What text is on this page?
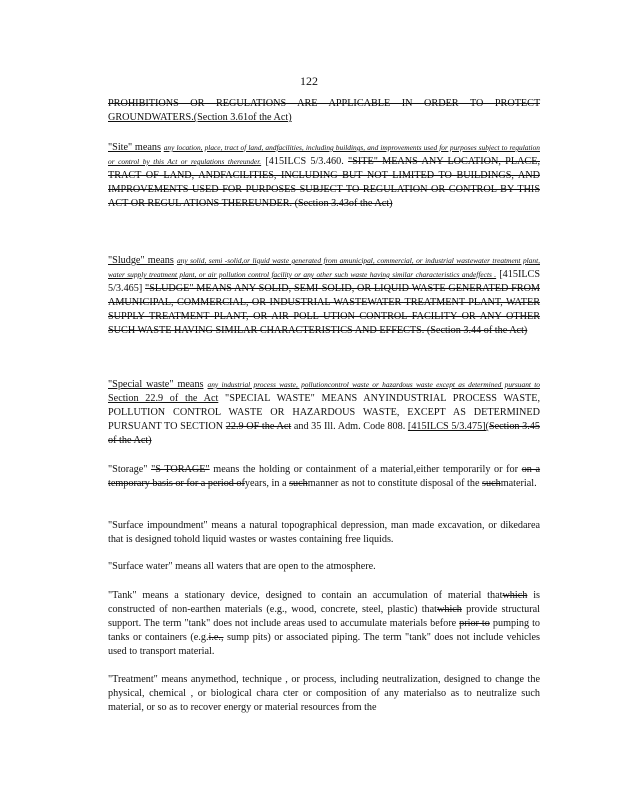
122

PROHIBITIONS OR REGULATIONS ARE APPLICABLE IN ORDER TO PROTECT GROUNDWATERS.(Section 3.61of the Act)

"Site" means any location, place, tract of land, andfacilities, including buildings, and improvements used for purposes subject to regulation or control by this Act or regulations thereunder. [415ILCS 5/3.460. "SITE" MEANS ANY LOCATION, PLACE, TRACT OF LAND, ANDFACILITIES, INCLUDING BUT NOT LIMITED TO BUILDINGS, AND IMPROVEMENTS USED FOR PURPOSES SUBJECT TO REGULATION OR CONTROL BY THIS ACT OR REGUL ATIONS THEREUNDER. (Section 3.43of the Act)

"Sludge" means any solid, semi -solid,or liquid waste generated from amunicipal, commercial, or industrial wastewater treatment plant, water supply treatment plant, or air pollution control facility or any other such waste having similar characteristics andeffects . [415ILCS 5/3.465] "SLUDGE" MEANS ANY SOLID, SEMI-SOLID, OR LIQUID WASTE GENERATED FROM AMUNICIPAL, COMMERCIAL, OR INDUSTRIAL WASTEWATER TREATMENT PLANT, WATER SUPPLY TREATMENT PLANT, OR AIR POLL UTION CONTROL FACILITY OR ANY OTHER SUCH WASTE HAVING SIMILAR CHARACTERISTICS AND EFFECTS. (Section 3.44 of the Act)

"Special waste" means any industrial process waste, pollutioncontrol waste or hazardous waste except as determined pursuant to Section 22.9 of the Act "SPECIAL WASTE" MEANS ANYINDUSTRIAL PROCESS WASTE, POLLUTION CONTROL WASTE OR HAZARDOUS WASTE, EXCEPT AS DETERMINED PURSUANT TO SECTION 22.9 OF the Act and 35 Ill. Adm. Code 808. [415ILCS 5/3.475](Section 3.45 of the Act)

"Storage" "S TORAGE" means the holding or containment of a material,either temporarily or for on a temporary basis or for a period ofyears, in a suchmanner as not to constitute disposal of the suchmaterial.

"Surface impoundment" means a natural topographical depression, man made excavation, or dikedarea that is designed tohold liquid wastes or wastes containing free liquids.

"Surface water" means all waters that are open to the atmosphere.

"Tank" means a stationary device, designed to contain an accumulation of material thatwhich is constructed of non-earthen materials (e.g., wood, concrete, steel, plastic) thatwhich provide structural support. The term "tank" does not include areas used to accumulate materials before prior to pumping to tanks or containers (e.g.i.e., sump pits) or associated piping. The term "tank" does not include vehicles used to transport material.

"Treatment" means anymethod, technique , or process, including neutralization, designed to change the physical, chemical , or biological chara cter or composition of any materialso as to neutralize such material, or so as to recover energy or material resources from the
